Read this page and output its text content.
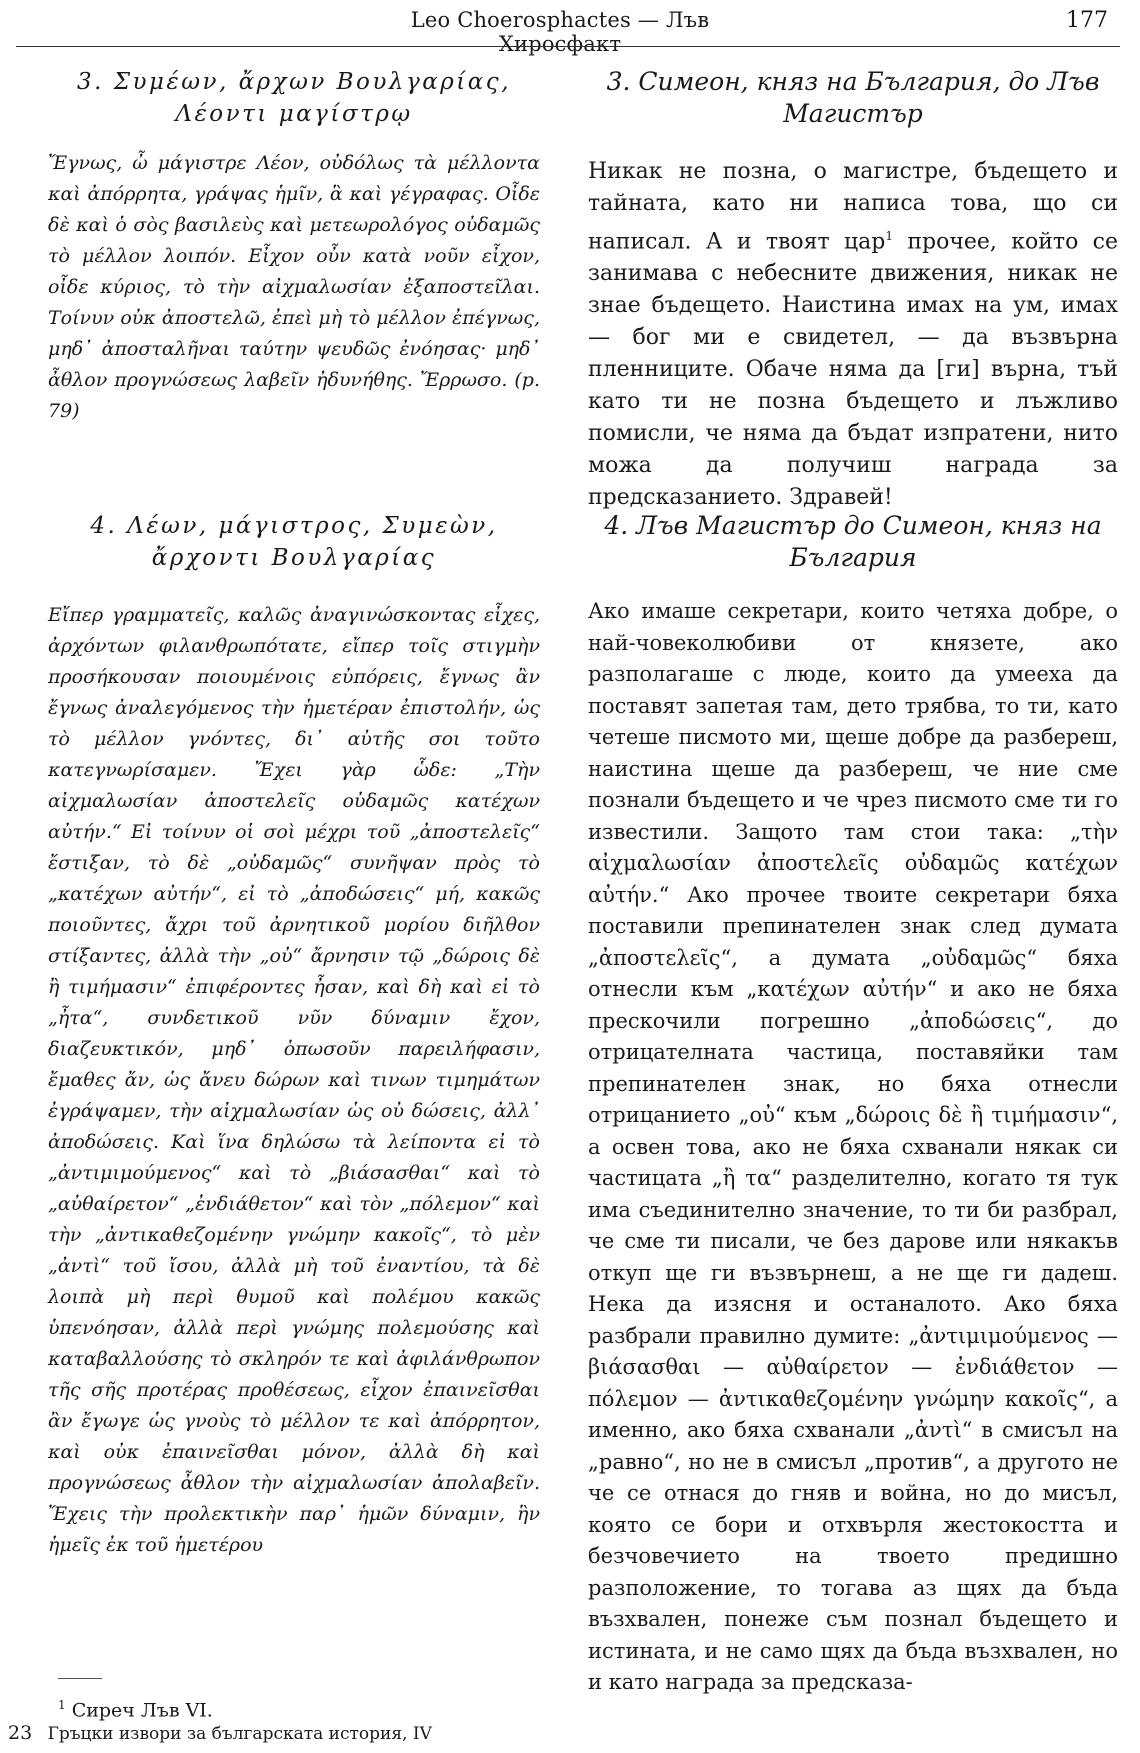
Leo Choerosphactes — Лъв Хиросфакт
177

3. Συμέων, ἄρχων Βουλγαρίας, Λέοντι μαγίστρῳ

Ἔγνως, ὦ μάγιστρε Λέον, οὐδόλως τὰ μέλλοντα καὶ ἀπόρρητα, γράψας ἡμῖν, ἃ καὶ γέγραφας. Οἶδε δὲ καὶ ὁ σὸς βασιλεὺς καὶ μετεωρολόγος οὐδαμῶς τὸ μέλλον λοιπόν. Εἶχον οὖν κατὰ νοῦν εἶχον, οἶδε κύριος, τὸ τὴν αἰχμαλωσίαν ἐξαποστεῖλαι. Τοίνυν οὐκ ἀποστελῶ, ἐπεὶ μὴ τὸ μέλλον ἐπέγνως, μηδ᾽ ἀποσταλῆναι ταύτην ψευδῶς ἐνόησας· μηδ᾽ ἆθλον προγνώσεως λαβεῖν ἠδυνήθης. Ἔρρωσο. (p. 79)

3. Симеон, княз на България, до Лъв Магистър

Никак не позна, о магистре, бъдещето и тайната, като ни написа това, що си написал. А и твоят цар$^1$ прочее, който се занимава с небесните движения, никак не знае бъдещето. Наистина имах на ум, имах — бог ми е свидетел, — да възвърна пленниците. Обаче няма да [ги] върна, тъй като ти не позна бъдещето и лъжливо помисли, че няма да бъдат изпратени, нито можа да получиш награда за предсказанието. Здравей!

4. Λέων, μάγιστρος, Συμεὼν, ἄρχοντι Βουλγαρίας

Εἴπερ γραμματεῖς, καλῶς ἀναγινώσκοντας εἶχες, ἀρχόντων φιλανθρωπότατε, εἴπερ τοῖς στιγμὴν προσήκουσαν ποιουμένοις εὐπόρεις, ἔγνως ἂν ἔγνως ἀναλεγόμενος τὴν ἡμετέραν ἐπιστολήν, ὡς τὸ μέλλον γνόντες, δι᾽ αὐτῆς σοι τοῦτο κατεγνωρίσαμεν. Ἔχει γὰρ ὧδε: „Τὴν αἰχμαλωσίαν ἀποστελεῖς οὐδαμῶς κατέχων αὐτήν.“ Εἰ τοίνυν οἱ σοὶ μέχρι τοῦ „ἀποστελεῖς“ ἔστιξαν, τὸ δὲ „οὐδαμῶς“ συνῆψαν πρὸς τὸ „κατέχων αὐτήν“, εἰ τὸ „ἀποδώσεις“ μή, κακῶς ποιοῦντες, ἄχρι τοῦ ἀρνητικοῦ μορίου διῆλθον στίξαντες, ἀλλὰ τὴν „οὐ“ ἄρνησιν τῷ „δώροις δὲ ἢ τιμήμασιν“ ἐπιφέροντες ἦσαν, καὶ δὴ καὶ εἰ τὸ „ἦτα“, συνδετικοῦ νῦν δύναμιν ἔχον, διαζευκτικόν, μηδ᾽ ὁπωσοῦν παρειλήφασιν, ἔμαθες ἄν, ὡς ἄνευ δώρων καὶ τινων τιμημάτων ἐγράψαμεν, τὴν αἰχμαλωσίαν ὡς οὐ δώσεις, ἀλλ᾽ ἀποδώσεις. Καὶ ἵνα δηλώσω τὰ λείποντα εἰ τὸ „ἀντιμιμούμενος“ καὶ τὸ „βιάσασθαι“ καὶ τὸ „αὐθαίρετον“ „ἐνδιάθετον“ καὶ τὸν „πόλεμον“ καὶ τὴν „ἀντικαθεζομένην γνώμην κακοῖς“, τὸ μὲν „ἀντὶ“ τοῦ ἴσου, ἀλλὰ μὴ τοῦ ἐναντίου, τὰ δὲ λοιπὰ μὴ περὶ θυμοῦ καὶ πολέμου κακῶς ὑπενόησαν, ἀλλὰ περὶ γνώμης πολεμούσης καὶ καταβαλλούσης τὸ σκληρόν τε καὶ ἀφιλάνθρωπον τῆς σῆς προτέρας προθέσεως, εἶχον ἐπαινεῖσθαι ἂν ἔγωγε ὡς γνοὺς τὸ μέλλον τε καὶ ἀπόρρητον, καὶ οὐκ ἐπαινεῖσθαι μόνον, ἀλλὰ δὴ καὶ προγνώσεως ἆθλον τὴν αἰχμαλωσίαν ἀπολαβεῖν. Ἔχεις τὴν προλεκτικὴν παρ᾽ ἡμῶν δύναμιν, ἣν ἡμεῖς ἐκ τοῦ ἡμετέρου

4. Лъв Магистър до Симеон, княз на България

Ако имаше секретари, които четяха добре, о най-човеколюбиви от князете, ако разполагаше с люде, които да умееха да поставят запетая там, дето трябва, то ти, като четеше писмото ми, щеше добре да разбереш, наистина щеше да разбереш, че ние сме познали бъдещето и че чрез писмото сме ти го известили. Защото там стои така: „τὴν αἰχμαλωσίαν ἀποστελεῖς οὐδαμῶς κατέχων αὐτήν.“ Ако прочее твоите секретари бяха поставили препинателен знак след думата „ἀποστελεῖς“, а думата „οὐδαμῶς“ бяха отнесли към „κατέχων αὐτήν“ и ако не бяха прескочили погрешно „ἀποδώσεις“, до отрицателната частица, поставяйки там препинателен знак, но бяха отнесли отрицанието „οὐ“ към „δώροις δὲ ἢ τιμήμασιν“, а освен това, ако не бяха схванали някак си частицата „ἢ τα“ разделително, когато тя тук има съединително значение, то ти би разбрал, че сме ти писали, че без дарове или някакъв откуп ще ги възвърнеш, а не ще ги дадеш. Нека да изясня и останалото. Ако бяха разбрали правилно думите: „ἀντιμιμούμενος — βιάσασθαι — αὐθαίρετον — ἐνδιάθετον — πόλεμον — ἀντικαθεζομένην γνώμην κακοῖς“, а именно, ако бяха схванали „ἀντὶ“ в смисъл на „равно“, но не в смисъл „против“, а другото не че се отнася до гняв и война, но до мисъл, която се бори и отхвърля жестокостта и безчовечието на твоето предишно разположение, то тогава аз щях да бъда възхвален, понеже съм познал бъдещето и истината, и не само щях да бъда възхвален, но и като награда за предсказа-

$^1$ Сиреч Лъв VI.
23 Гръцки извори за българската история, IV
